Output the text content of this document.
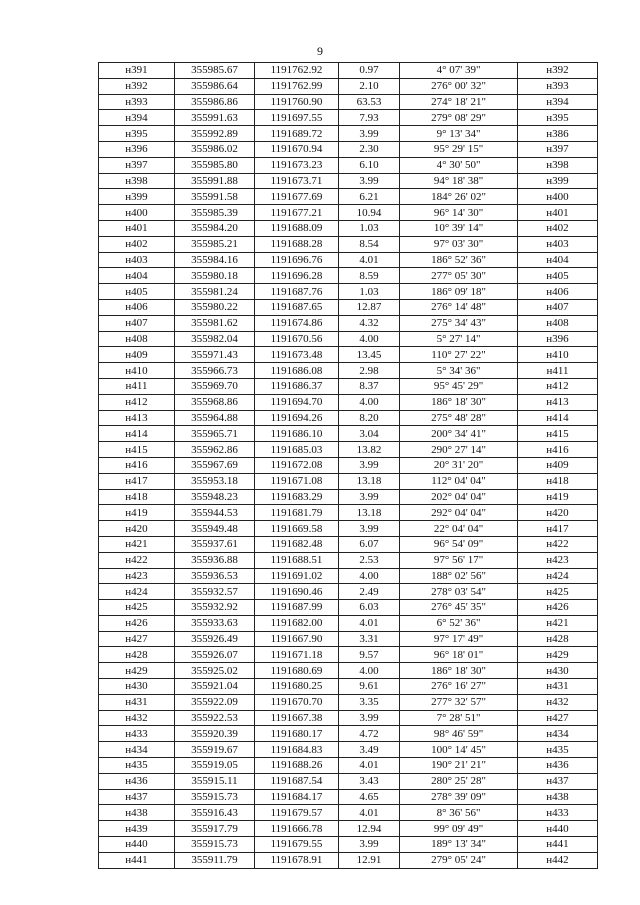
9
н391	355985.67	1191762.92	0.97	4° 07' 39"	н392
н392	355986.64	1191762.99	2.10	276° 00' 32"	н393
н393	355986.86	1191760.90	63.53	274° 18' 21"	н394
н394	355991.63	1191697.55	7.93	279° 08' 29"	н395
н395	355992.89	1191689.72	3.99	9° 13' 34"	н386
н396	355986.02	1191670.94	2.30	95° 29' 15"	н397
н397	355985.80	1191673.23	6.10	4° 30' 50"	н398
н398	355991.88	1191673.71	3.99	94° 18' 38"	н399
н399	355991.58	1191677.69	6.21	184° 26' 02"	н400
н400	355985.39	1191677.21	10.94	96° 14' 30"	н401
н401	355984.20	1191688.09	1.03	10° 39' 14"	н402
н402	355985.21	1191688.28	8.54	97° 03' 30"	н403
н403	355984.16	1191696.76	4.01	186° 52' 36"	н404
н404	355980.18	1191696.28	8.59	277° 05' 30"	н405
н405	355981.24	1191687.76	1.03	186° 09' 18"	н406
н406	355980.22	1191687.65	12.87	276° 14' 48"	н407
н407	355981.62	1191674.86	4.32	275° 34' 43"	н408
н408	355982.04	1191670.56	4.00	5° 27' 14"	н396
н409	355971.43	1191673.48	13.45	110° 27' 22"	н410
н410	355966.73	1191686.08	2.98	5° 34' 36"	н411
н411	355969.70	1191686.37	8.37	95° 45' 29"	н412
н412	355968.86	1191694.70	4.00	186° 18' 30"	н413
н413	355964.88	1191694.26	8.20	275° 48' 28"	н414
н414	355965.71	1191686.10	3.04	200° 34' 41"	н415
н415	355962.86	1191685.03	13.82	290° 27' 14"	н416
н416	355967.69	1191672.08	3.99	20° 31' 20"	н409
н417	355953.18	1191671.08	13.18	112° 04' 04"	н418
н418	355948.23	1191683.29	3.99	202° 04' 04"	н419
н419	355944.53	1191681.79	13.18	292° 04' 04"	н420
н420	355949.48	1191669.58	3.99	22° 04' 04"	н417
н421	355937.61	1191682.48	6.07	96° 54' 09"	н422
н422	355936.88	1191688.51	2.53	97° 56' 17"	н423
н423	355936.53	1191691.02	4.00	188° 02' 56"	н424
н424	355932.57	1191690.46	2.49	278° 03' 54"	н425
н425	355932.92	1191687.99	6.03	276° 45' 35"	н426
н426	355933.63	1191682.00	4.01	6° 52' 36"	н421
н427	355926.49	1191667.90	3.31	97° 17' 49"	н428
н428	355926.07	1191671.18	9.57	96° 18' 01"	н429
н429	355925.02	1191680.69	4.00	186° 18' 30"	н430
н430	355921.04	1191680.25	9.61	276° 16' 27"	н431
н431	355922.09	1191670.70	3.35	277° 32' 57"	н432
н432	355922.53	1191667.38	3.99	7° 28' 51"	н427
н433	355920.39	1191680.17	4.72	98° 46' 59"	н434
н434	355919.67	1191684.83	3.49	100° 14' 45"	н435
н435	355919.05	1191688.26	4.01	190° 21' 21"	н436
н436	355915.11	1191687.54	3.43	280° 25' 28"	н437
н437	355915.73	1191684.17	4.65	278° 39' 09"	н438
н438	355916.43	1191679.57	4.01	8° 36' 56"	н433
н439	355917.79	1191666.78	12.94	99° 09' 49"	н440
н440	355915.73	1191679.55	3.99	189° 13' 34"	н441
н441	355911.79	1191678.91	12.91	279° 05' 24"	н442
